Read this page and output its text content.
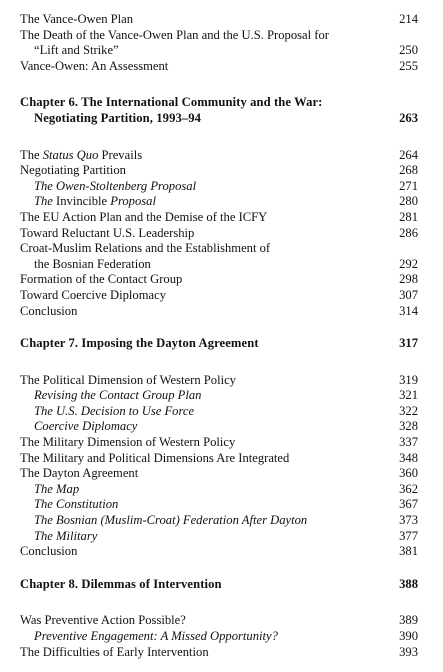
The Vance-Owen Plan	214
The Death of the Vance-Owen Plan and the U.S. Proposal for
“Lift and Strike”	250
Vance-Owen: An Assessment	255
Chapter 6. The International Community and the War:
Negotiating Partition, 1993–94	263
The Status Quo Prevails	264
Negotiating Partition	268
The Owen-Stoltenberg Proposal	271
The Invincible Proposal	280
The EU Action Plan and the Demise of the ICFY	281
Toward Reluctant U.S. Leadership	286
Croat-Muslim Relations and the Establishment of
the Bosnian Federation	292
Formation of the Contact Group	298
Toward Coercive Diplomacy	307
Conclusion	314
Chapter 7. Imposing the Dayton Agreement	317
The Political Dimension of Western Policy	319
Revising the Contact Group Plan	321
The U.S. Decision to Use Force	322
Coercive Diplomacy	328
The Military Dimension of Western Policy	337
The Military and Political Dimensions Are Integrated	348
The Dayton Agreement	360
The Map	362
The Constitution	367
The Bosnian (Muslim-Croat) Federation After Dayton	373
The Military	377
Conclusion	381
Chapter 8. Dilemmas of Intervention	388
Was Preventive Action Possible?	389
Preventive Engagement: A Missed Opportunity?	390
The Difficulties of Early Intervention	393
